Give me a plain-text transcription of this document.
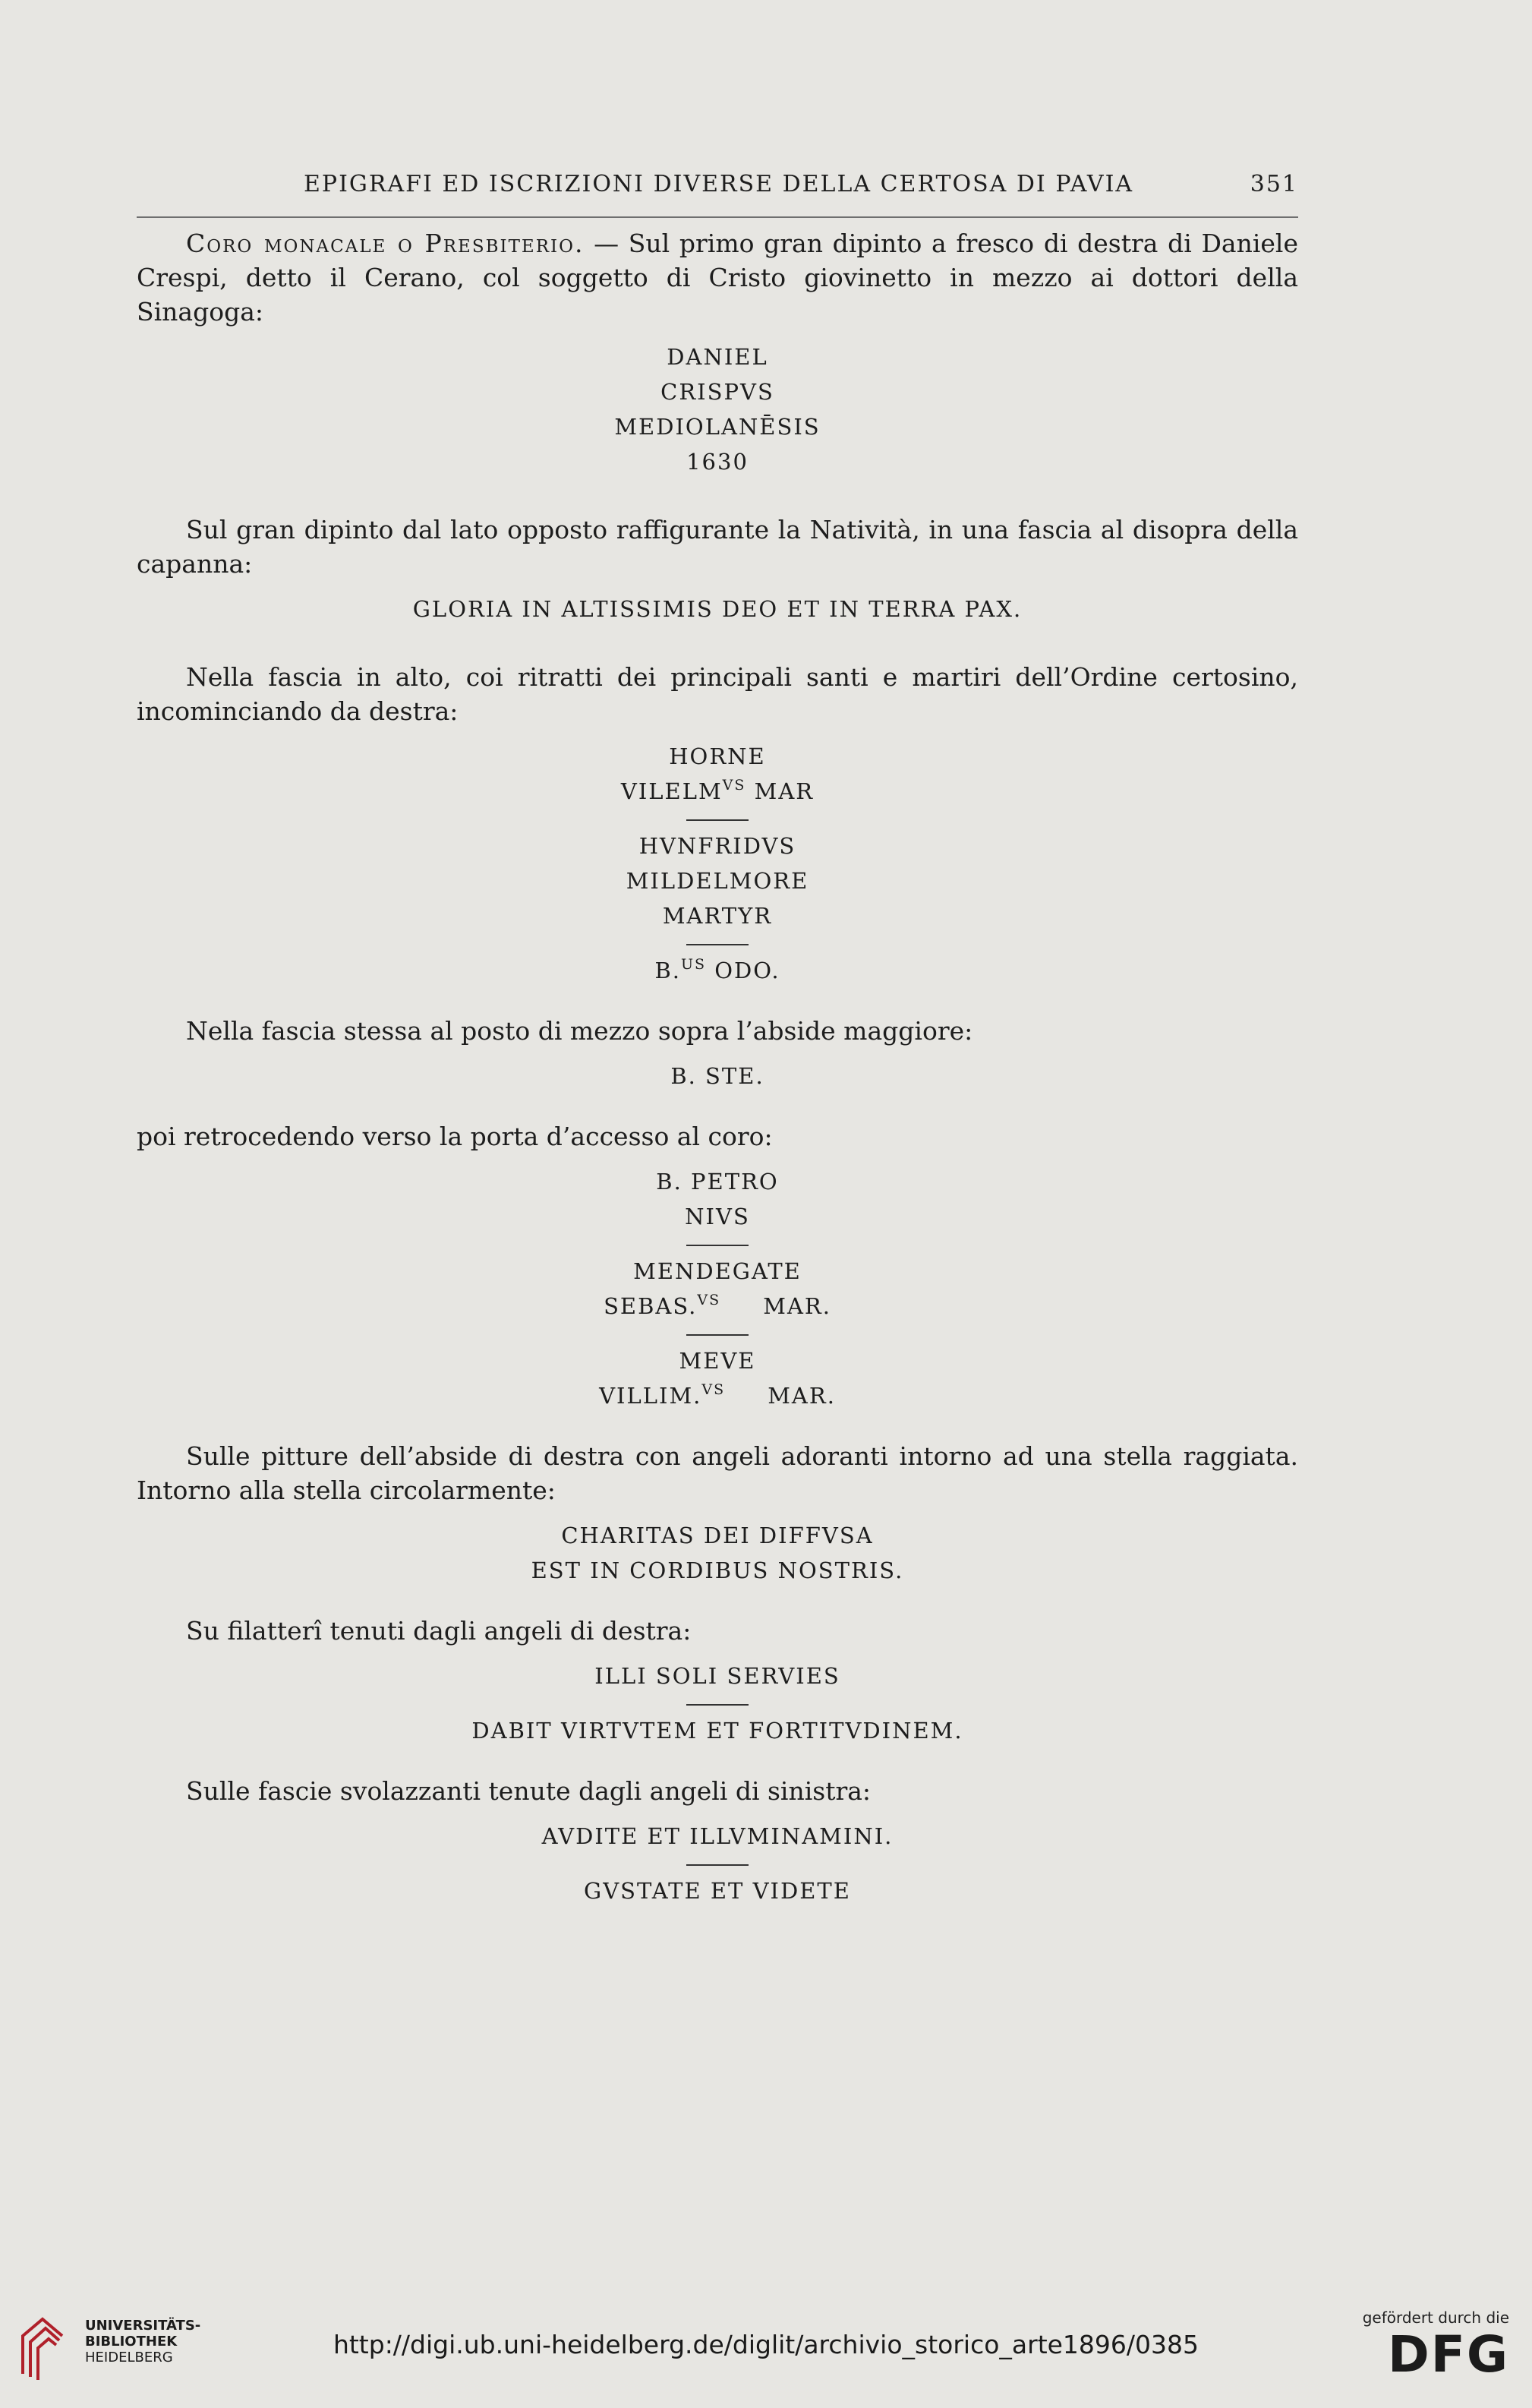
EPIGRAFI ED ISCRIZIONI DIVERSE DELLA CERTOSA DI PAVIA	351

Coro monacale o Presbiterio. — Sul primo gran dipinto a fresco di destra di Daniele Crespi, detto il Cerano, col soggetto di Cristo giovinetto in mezzo ai dottori della Sinagoga:

DANIEL
CRISPVS
MEDIOLANĒSIS
1630

Sul gran dipinto dal lato opposto raffigurante la Natività, in una fascia al disopra della capanna:

GLORIA IN ALTISSIMIS DEO ET IN TERRA PAX.

Nella fascia in alto, coi ritratti dei principali santi e martiri dell’Ordine certosino, incominciando da destra:

HORNE
$VILELM^{VS}$ MAR
HVNFRIDVS
MILDELMORE
MARTYR
B.$^{US}$ ODO.

Nella fascia stessa al posto di mezzo sopra l’abside maggiore:

B. STE.

poi retrocedendo verso la porta d’accesso al coro:

B. PETRO
NIVS
MENDEGATE
SEBAS.$^{VS}$     MAR.
MEVE
VILLIM.$^{VS}$     MAR.

Sulle pitture dell’abside di destra con angeli adoranti intorno ad una stella raggiata. Intorno alla stella circolarmente:

CHARITAS DEI DIFFVSA
EST IN CORDIBUS NOSTRIS.

Su filatterî tenuti dagli angeli di destra:

ILLI SOLI SERVIES
DABIT VIRTVTEM ET FORTITVDINEM.

Sulle fascie svolazzanti tenute dagli angeli di sinistra:

AVDITE ET ILLVMINAMINI.
GVSTATE ET VIDETE
UNIVERSITÄTS-
BIBLIOTHEK
HEIDELBERG	http://digi.ub.uni-heidelberg.de/diglit/archivio_storico_arte1896/0385
gefördert durch die
DFG
